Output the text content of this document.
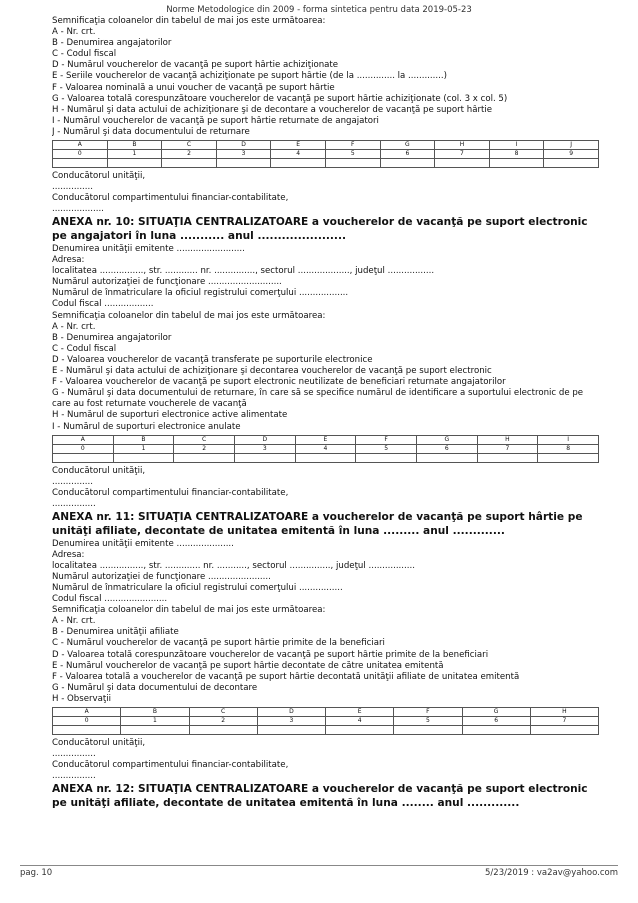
Norme Metodologice din 2009 - forma sintetica pentru data 2019-05-23
Semnificaţia coloanelor din tabelul de mai jos este următoarea:
A - Nr. crt.
B - Denumirea angajatorilor
C - Codul fiscal
D - Numărul voucherelor de vacanţă pe suport hârtie achiziţionate
E - Seriile voucherelor de vacanţă achiziţionate pe suport hârtie (de la .............. la .............)
F - Valoarea nominală a unui voucher de vacanţă pe suport hârtie
G - Valoarea totală corespunzătoare voucherelor de vacanţă pe suport hârtie achiziţionate (col. 3 x col. 5)
H - Numărul şi data actului de achiziţionare şi de decontare a voucherelor de vacanţă pe suport hârtie
I - Numărul voucherelor de vacanţă pe suport hârtie returnate de angajatori
J - Numărul şi data documentului de returnare
A	B	C	D	E	F	G	H	I	J
0	1	2	3	4	5	6	7	8	9

Conducătorul unităţii,
...............
Conducătorul compartimentului financiar-contabilitate,
...................
ANEXA nr. 10: SITUAŢIA CENTRALIZATOARE a voucherelor de vacanţă pe suport electronic pe angajatori în luna ........... anul ......................
Denumirea unităţii emitente .........................
Adresa:
localitatea ................, str. ............ nr. ..............., sectorul ..................., judeţul .................
Numărul autorizaţiei de funcţionare ...........................
Numărul de înmatriculare la oficiul registrului comerţului ..................
Codul fiscal ..................
Semnificaţia coloanelor din tabelul de mai jos este următoarea:
A - Nr. crt.
B - Denumirea angajatorilor
C - Codul fiscal
D - Valoarea voucherelor de vacanţă transferate pe suporturile electronice
E - Numărul şi data actului de achiziţionare şi decontarea voucherelor de vacanţă pe suport electronic
F - Valoarea voucherelor de vacanţă pe suport electronic neutilizate de beneficiari returnate angajatorilor
G - Numărul şi data documentului de returnare, în care să se specifice numărul de identificare a suportului electronic de pe care au fost returnate voucherele de vacanţă
H - Numărul de suporturi electronice active alimentate
I - Numărul de suporturi electronice anulate
A	B	C	D	E	F	G	H	I
0	1	2	3	4	5	6	7	8

Conducătorul unităţii,
...............
Conducătorul compartimentului financiar-contabilitate,
................
ANEXA nr. 11: SITUAŢIA CENTRALIZATOARE a voucherelor de vacanţă pe suport hârtie pe unităţi afiliate, decontate de unitatea emitentă în luna ......... anul .............
Denumirea unităţii emitente .....................
Adresa:
localitatea ................, str. ............. nr. ..........., sectorul ..............., judeţul .................
Numărul autorizaţiei de funcţionare .......................
Numărul de înmatriculare la oficiul registrului comerţului ................
Codul fiscal .......................
Semnificaţia coloanelor din tabelul de mai jos este următoarea:
A - Nr. crt.
B - Denumirea unităţii afiliate
C - Numărul voucherelor de vacanţă pe suport hârtie primite de la beneficiari
D - Valoarea totală corespunzătoare voucherelor de vacanţă pe suport hârtie primite de la beneficiari
E - Numărul voucherelor de vacanţă pe suport hârtie decontate de către unitatea emitentă
F - Valoarea totală a voucherelor de vacanţă pe suport hârtie decontată unităţii afiliate de unitatea emitentă
G - Numărul şi data documentului de decontare
H - Observaţii
A	B	C	D	E	F	G	H
0	1	2	3	4	5	6	7

Conducătorul unităţii,
................
Conducătorul compartimentului financiar-contabilitate,
................
ANEXA nr. 12: SITUAŢIA CENTRALIZATOARE a voucherelor de vacanţă pe suport electronic pe unităţi afiliate, decontate de unitatea emitentă în luna ........ anul .............
pag. 10	5/23/2019 : va2av@yahoo.com
